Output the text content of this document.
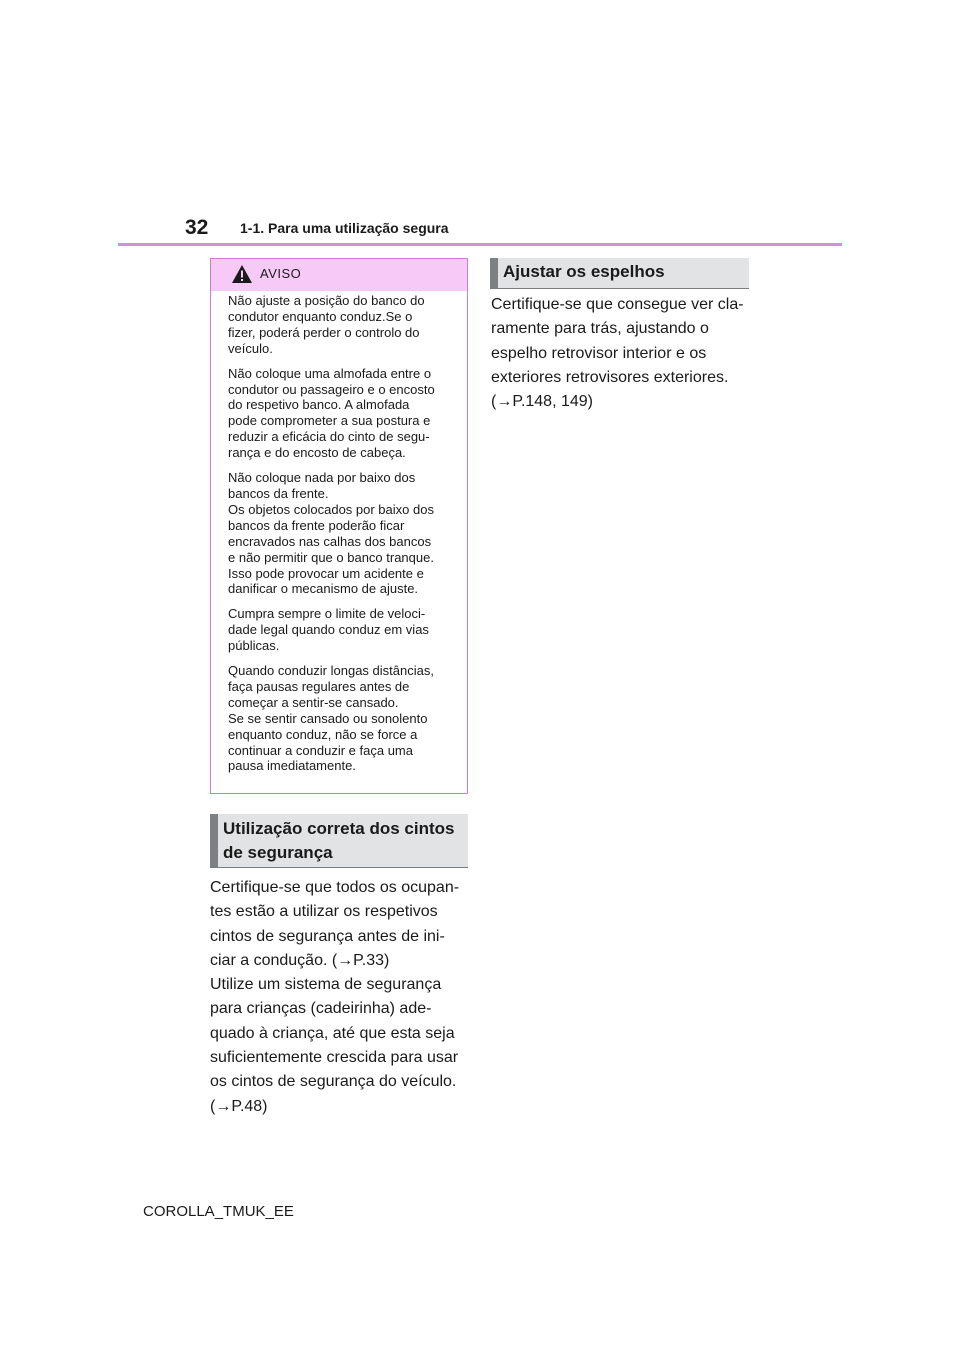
32 1-1. Para uma utilização segura
AVISO

Não ajuste a posição do banco do
condutor enquanto conduz.Se o
fizer, poderá perder o controlo do
veículo.

Não coloque uma almofada entre o
condutor ou passageiro e o encosto
do respetivo banco. A almofada
pode comprometer a sua postura e
reduzir a eficácia do cinto de segu-
rança e do encosto de cabeça.

Não coloque nada por baixo dos
bancos da frente.
Os objetos colocados por baixo dos
bancos da frente poderão ficar
encravados nas calhas dos bancos
e não permitir que o banco tranque.
Isso pode provocar um acidente e
danificar o mecanismo de ajuste.

Cumpra sempre o limite de veloci-
dade legal quando conduz em vias
públicas.

Quando conduzir longas distâncias,
faça pausas regulares antes de
começar a sentir-se cansado.
Se se sentir cansado ou sonolento
enquanto conduz, não se force a
continuar a conduzir e faça uma
pausa imediatamente.

Utilização correta dos cintos
de segurança
Certifique-se que todos os ocupan-
tes estão a utilizar os respetivos
cintos de segurança antes de ini-
ciar a condução. (→P.33)
Utilize um sistema de segurança
para crianças (cadeirinha) ade-
quado à criança, até que esta seja
suficientemente crescida para usar
os cintos de segurança do veículo.
(→P.48)
Ajustar os espelhos
Certifique-se que consegue ver cla-
ramente para trás, ajustando o
espelho retrovisor interior e os
exteriores retrovisores exteriores.
(→P.148, 149)
COROLLA_TMUK_EE
